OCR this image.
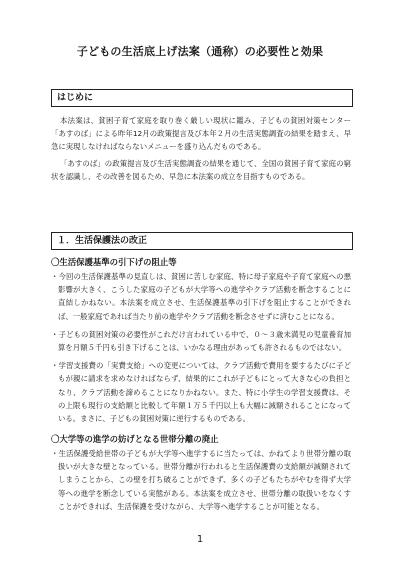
子どもの生活底上げ法案（通称）の必要性と効果
はじめに

本法案は、貧困子育て家庭を取り巻く厳しい現状に鑑み、子どもの貧困対策センター「あすのば」による昨年12月の政策提言及び本年２月の生活実態調査の結果を踏まえ、早急に実現しなければならないメニューを盛り込んだものである。

「あすのば」の政策提言及び生活実態調査の結果を通じて、全国の貧困子育て家庭の窮状を認識し、その改善を図るため、早急に本法案の成立を目指すものである。

１．生活保護法の改正
〇生活保護基準の引下げの阻止等

・今回の生活保護基準の見直しは、貧困に苦しむ家庭、特に母子家庭や子育て家庭への悪影響が大きく、こうした家庭の子どもが大学等への進学やクラブ活動を断念することに直結しかねない。本法案を成立させ、生活保護基準の引下げを阻止することができれば、一般家庭であれば当たり前の進学やクラブ活動を断念させずに済むことになる。

・子どもの貧困対策の必要性がこれだけ言われている中で、０～３歳未満児の児童養育加算を月額５千円も引き下げることは、いかなる理由があっても許されるものではない。

・学習支援費の「実費支給」への変更については、クラブ活動で費用を要するたびに子どもが親に請求を求めなければならず、結果的にこれが子どもにとって大きな心の負担となり、クラブ活動を諦めることになりかねない。また、特に小学生の学習支援費は、その上限も現行の支給額と比較して年額１万５千円以上も大幅に減額されることになっている。まさに、子どもの貧困対策に逆行するものである。

〇大学等の進学の妨げとなる世帯分離の廃止

・生活保護受給世帯の子どもが大学等へ進学するに当たっては、かねてより世帯分離の取扱いが大きな壁となっている。世帯分離が行われると生活保護費の支給額が減額されてしまうことから、この壁を打ち破ることができず、多くの子どもたちがやむを得ず大学等への進学を断念している実態がある。本法案を成立させ、世帯分離の取扱いをなくすことができれば、生活保護を受けながら、大学等へ進学することが可能となる。

1
